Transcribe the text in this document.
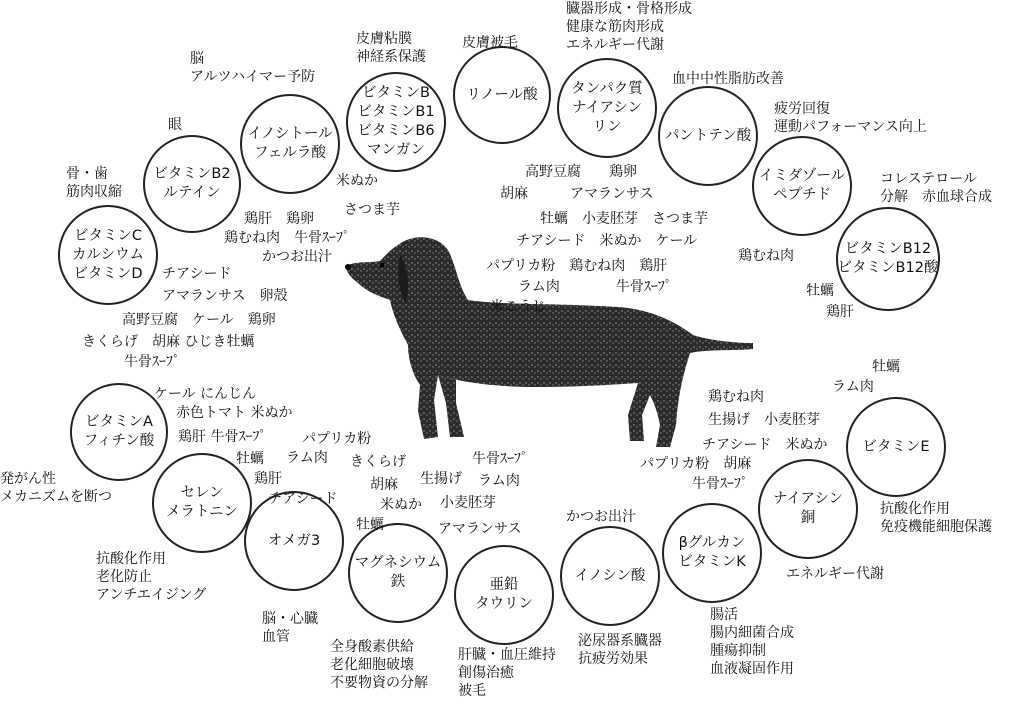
ビタミンB2
ルテイン
イノシトール
フェルラ酸
ビタミンB
ビタミンB1
ビタミンB6
マンガン
リノール酸 タンパク質
ナイアシン
リン
パントテン酸
イミダゾール
ペプチド
ビタミンB12
ビタミンB12酸
ビタミンC
カルシウム
ビタミンD
ビタミンA
フィチン酸
セレン
メラトニン
オメガ3
マグネシウム
鉄	亜鉛
タウリン
イノシン酸
βグルカン
ビタミンK
ナイアシン
銅
ビタミンE
米ぬか
さつま芋
鶏肝　鶏卵
鶏むね肉　牛骨ｽｰﾌﾟ
かつお出汁
高野豆腐　　鶏卵
胡麻　　　アマランサス
牡蠣　小麦胚芽　さつま芋
チアシード　米ぬか　ケール
パプリカ粉　鶏むね肉　鶏肝
ラム肉　　　　牛骨ｽｰﾌﾟ
米こうじ
鶏むね肉
牡蠣
鶏肝
チアシード
アマランサス　卵殻
高野豆腐　ケール　鶏卵
きくらげ　胡麻 ひじき牡蠣
牛骨ｽｰﾌﾟ
ケール にんじん
赤色トマト 米ぬか
鶏肝 牛骨ｽｰﾌﾟ
牡蠣
鶏肝
チアシード
パプリカ粉
ラム肉 きくらげ
胡麻
米ぬか
牡蠣
生揚げ
牛骨ｽｰﾌﾟ
ラム肉
小麦胚芽
アマランサス
かつお出汁
牡蠣
ラム肉
鶏むね肉
生揚げ　小麦胚芽
チアシード　米ぬか
パプリカ粉　胡麻
牛骨ｽｰﾌﾟ
眼
脳
アルツハイマー予防
皮膚粘膜
神経系保護
皮膚被毛
臓器形成・骨格形成
健康な筋肉形成
エネルギー代謝
血中中性脂肪改善
疲労回復
運動パフォーマンス向上
コレステロール
分解　赤血球合成
骨・歯
筋肉収縮
発がん性
メカニズムを断つ
抗酸化作用
老化防止
アンチエイジング
脳・心臓
血管
全身酸素供給
老化細胞破壊
不要物資の分解
肝臓・血圧維持
創傷治癒
被毛
泌尿器系臓器
抗疲労効果
腸活
腸内細菌合成
腫瘍抑制
血液凝固作用
エネルギー代謝
抗酸化作用
免疫機能細胞保護
